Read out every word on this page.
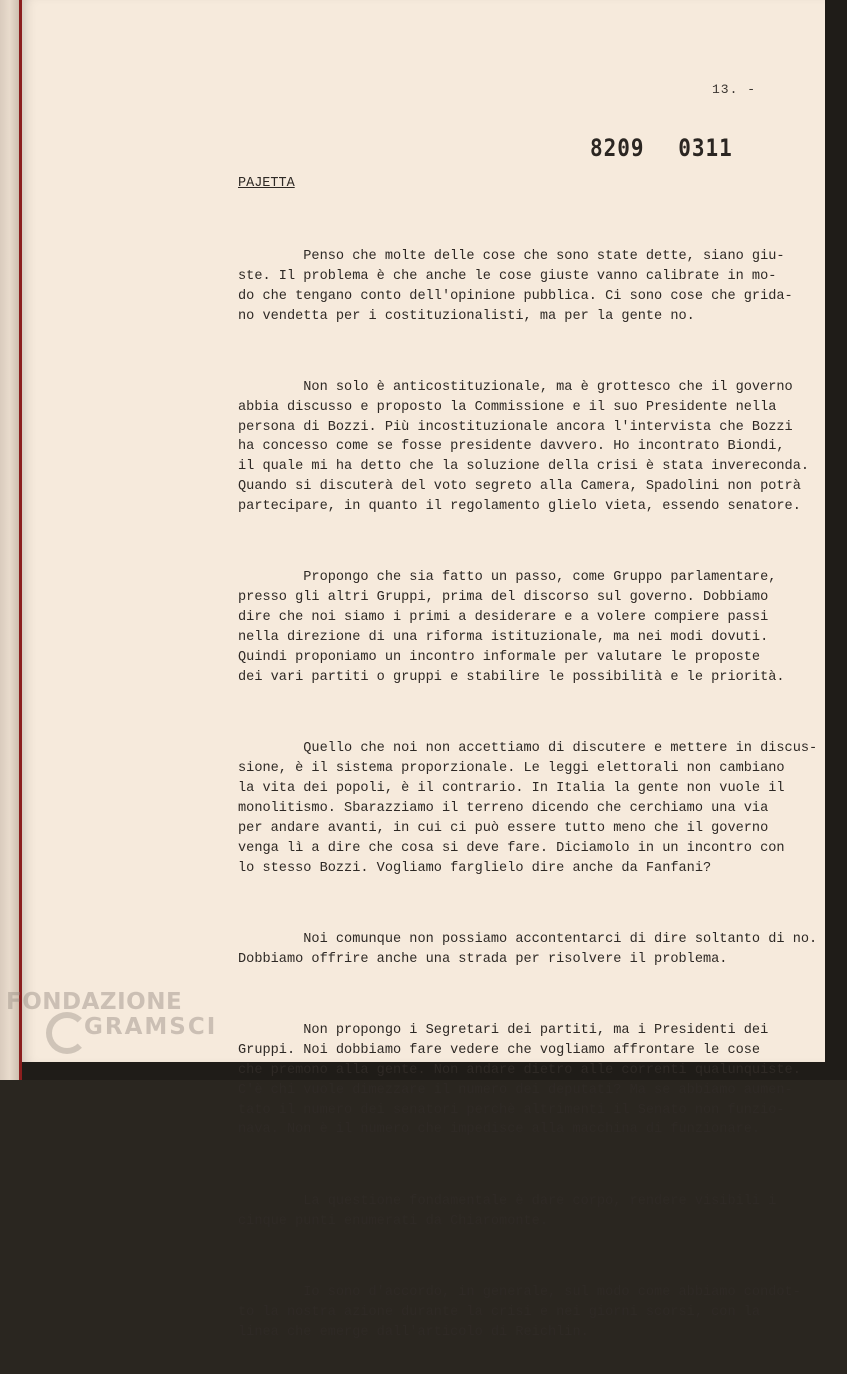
13. -
8209 0311
PAJETTA

Penso che molte delle cose che sono state dette, siano giu-
ste. Il problema è che anche le cose giuste vanno calibrate in mo-
do che tengano conto dell'opinione pubblica. Ci sono cose che grida-
no vendetta per i costituzionalisti, ma per la gente no.

Non solo è anticostituzionale, ma è grottesco che il governo
abbia discusso e proposto la Commissione e il suo Presidente nella
persona di Bozzi. Più incostituzionale ancora l'intervista che Bozzi
ha concesso come se fosse presidente davvero. Ho incontrato Biondi,
il quale mi ha detto che la soluzione della crisi è stata invereconda.
Quando si discuterà del voto segreto alla Camera, Spadolini non potrà
partecipare, in quanto il regolamento glielo vieta, essendo senatore.

Propongo che sia fatto un passo, come Gruppo parlamentare,
presso gli altri Gruppi, prima del discorso sul governo. Dobbiamo
dire che noi siamo i primi a desiderare e a volere compiere passi
nella direzione di una riforma istituzionale, ma nei modi dovuti.
Quindi proponiamo un incontro informale per valutare le proposte
dei vari partiti o gruppi e stabilire le possibilità e le priorità.

Quello che noi non accettiamo di discutere e mettere in discus-
sione, è il sistema proporzionale. Le leggi elettorali non cambiano
la vita dei popoli, è il contrario. In Italia la gente non vuole il
monolitismo. Sbarazziamo il terreno dicendo che cerchiamo una via
per andare avanti, in cui ci può essere tutto meno che il governo
venga lì a dire che cosa si deve fare. Diciamolo in un incontro con
lo stesso Bozzi. Vogliamo farglielo dire anche da Fanfani?

Noi comunque non possiamo accontentarci di dire soltanto di
Dobbiamo offrire anche una strada per risolvere il problema.

Non propongo i Segretari dei partiti, ma i Presidenti dei
Gruppi. Noi dobbiamo fare vedere che vogliamo affrontare le cose
che premono alla gente. Non andare dietro alle correnti qualunquiste.
C'è chi vuole dimezzare il numero dei deputati? Ma se abbiamo aumen-
tato il numero dei senatori perchè altrimenti il Senato non funzio-
nava. Non è il numero che impedisce alla macchina di funzionare.

La questione fondamentale è dare corpo, rendere visibili i
cinque punti enumerati da Chiaromonte.

Io sono d'accordo, in generale, sul modo come abbiamo condot-
to la nostra azione durante la crisi e nei giorni scorsi, con la
linea che emerge dall'articolo di Reichlin.

FONDAZIONE
GRAMSCI
